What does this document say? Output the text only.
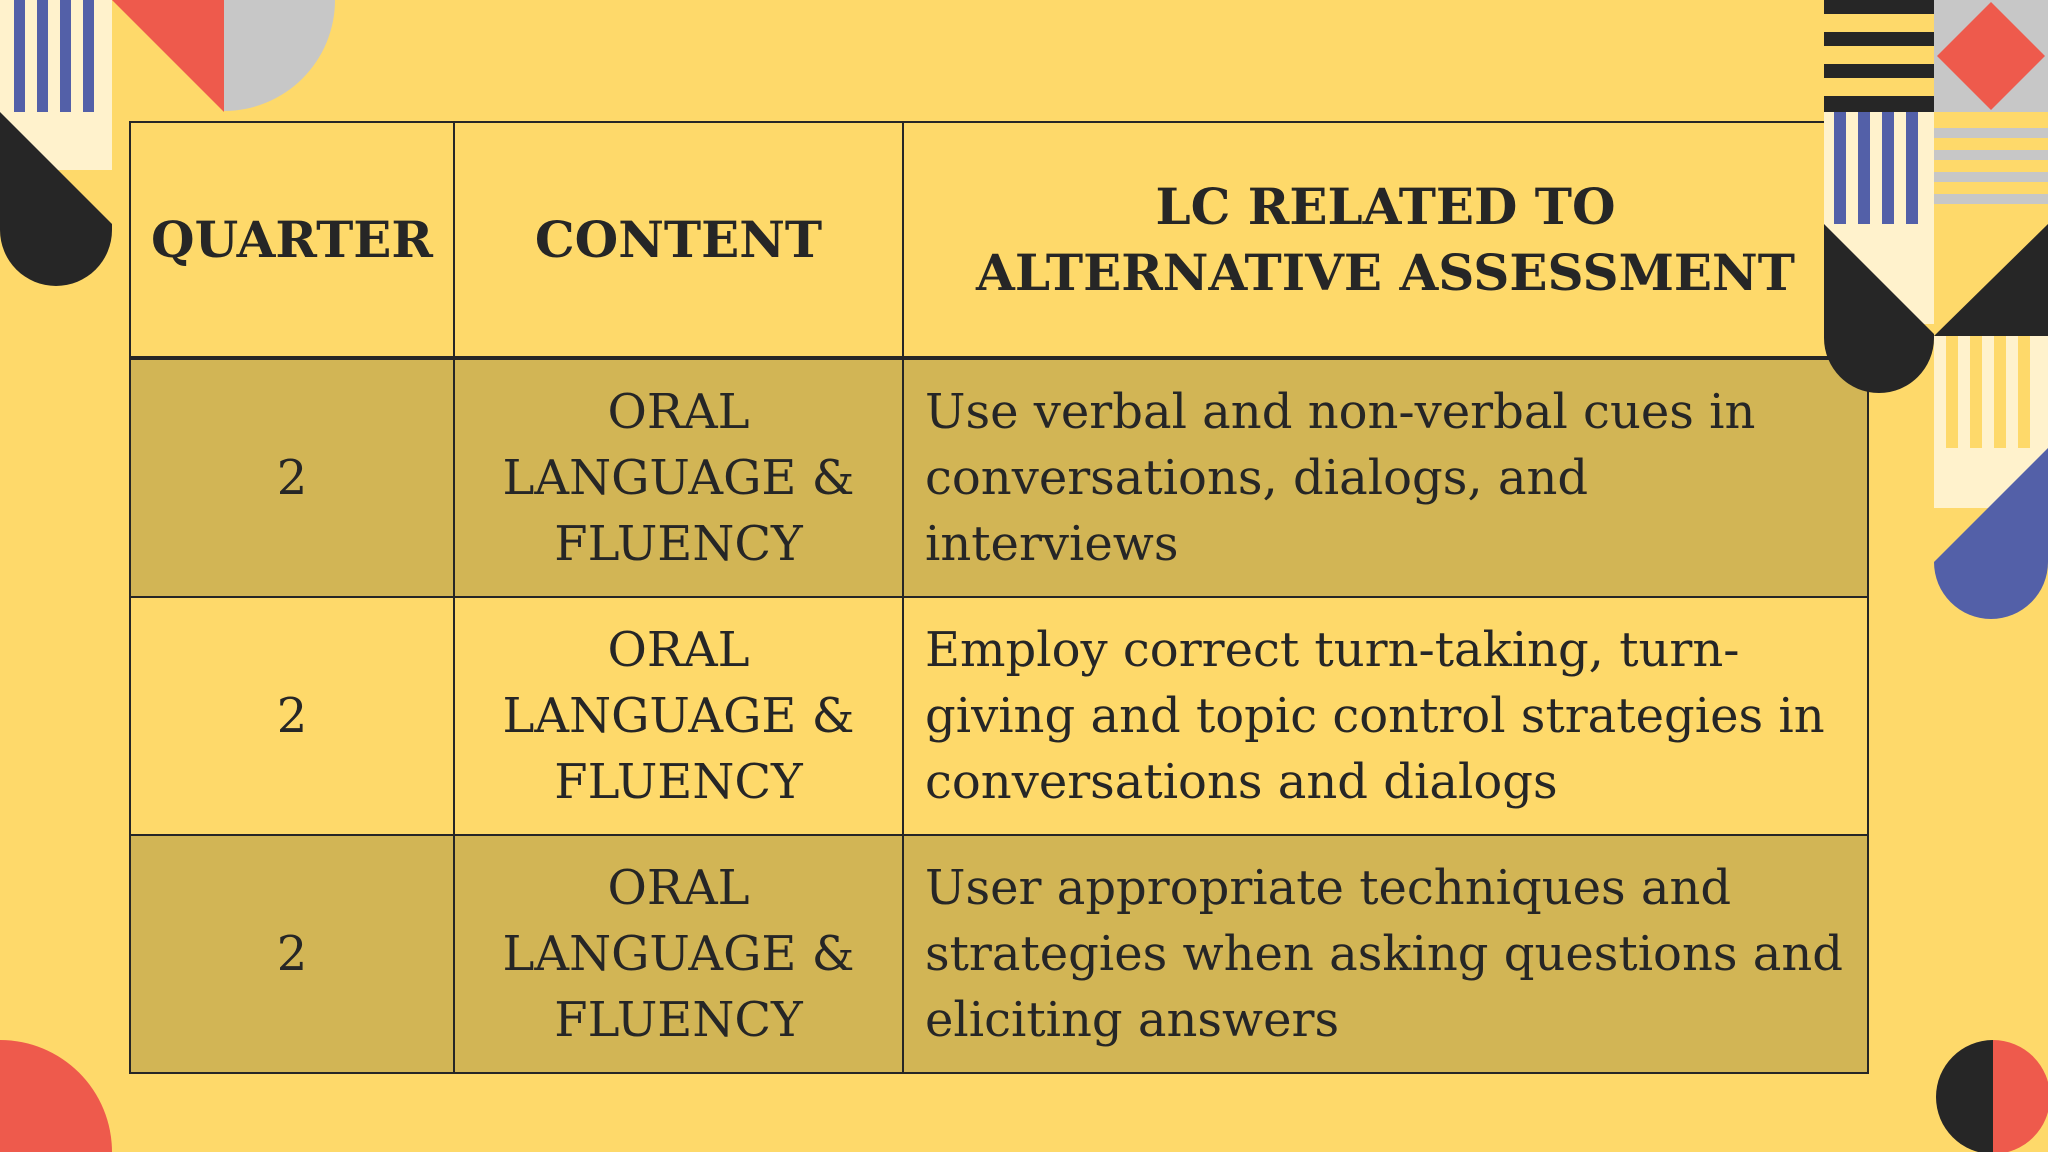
QUARTER	CONTENT	LC RELATED TO ALTERNATIVE ASSESSMENT
2	ORAL LANGUAGE & FLUENCY	Use verbal and non-verbal cues in conversations, dialogs, and interviews
2	ORAL LANGUAGE & FLUENCY	Employ correct turn-taking, turn-giving and topic control strategies in conversations and dialogs
2	ORAL LANGUAGE & FLUENCY	User appropriate techniques and strategies when asking questions and eliciting answers
